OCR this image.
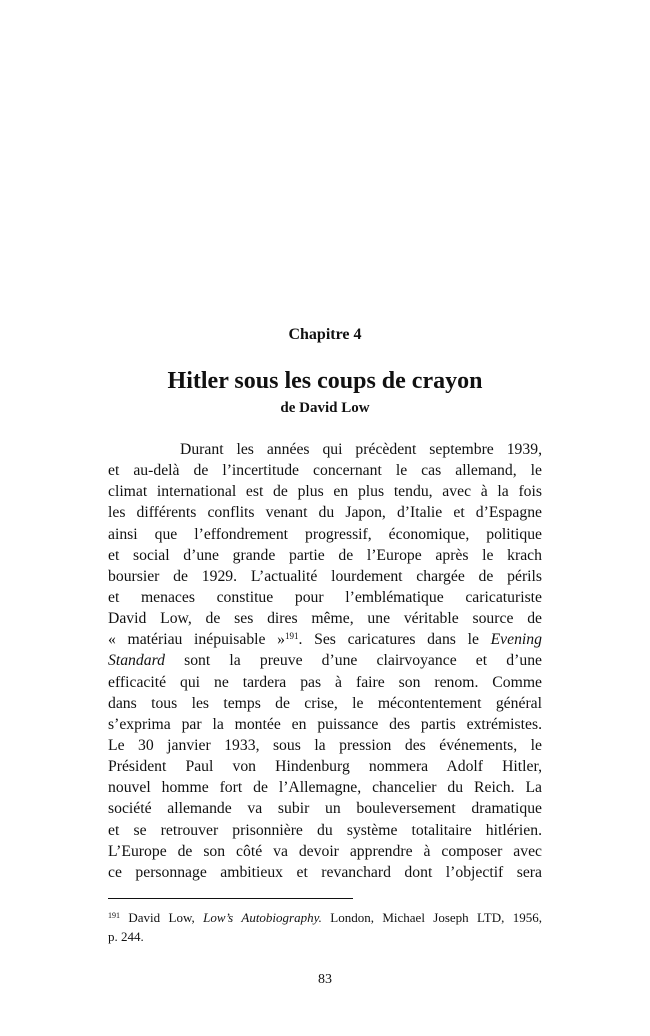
Chapitre 4
Hitler sous les coups de crayon
de David Low
Durant les années qui précèdent septembre 1939,
et au-delà de l’incertitude concernant le cas allemand, le
climat international est de plus en plus tendu, avec à la fois
les différents conflits venant du Japon, d’Italie et d’Espagne
ainsi que l’effondrement progressif, économique, politique
et social d’une grande partie de l’Europe après le krach
boursier de 1929. L’actualité lourdement chargée de périls
et menaces constitue pour l’emblématique caricaturiste
David Low, de ses dires même, une véritable source de
« matériau inépuisable »$^{191}$. Ses caricatures dans le Evening
Standard sont la preuve d’une clairvoyance et d’une
efficacité qui ne tardera pas à faire son renom. Comme
dans tous les temps de crise, le mécontentement général
s’exprima par la montée en puissance des partis extrémistes.
Le 30 janvier 1933, sous la pression des événements, le
Président Paul von Hindenburg nommera Adolf Hitler,
nouvel homme fort de l’Allemagne, chancelier du Reich. La
société allemande va subir un bouleversement dramatique
et se retrouver prisonnière du système totalitaire hitlérien.
L’Europe de son côté va devoir apprendre à composer avec
ce personnage ambitieux et revanchard dont l’objectif sera
$^{191}$ David Low, Low’s Autobiography. London, Michael Joseph LTD, 1956,
p. 244.
83
